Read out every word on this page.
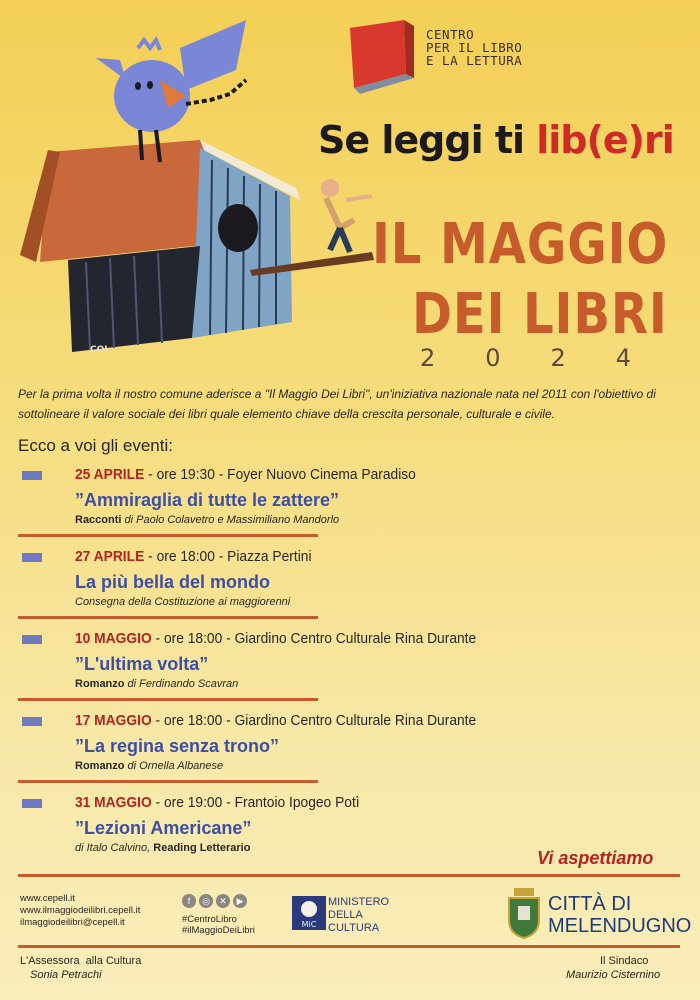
COI
CENTRO
PER IL LIBRO
E LA LETTURA
Se leggi ti lib(e)ri
IL MAGGIO
DEI LIBRI
2024
Per la prima volta il nostro comune aderisce a "Il Maggio Dei Libri", un'iniziativa nazionale nata nel 2011 con l'obiettivo di sottolineare il valore sociale dei libri quale elemento chiave della crescita personale, culturale e civile.
Ecco a voi gli eventi:
25 APRILE - ore 19:30 - Foyer Nuovo Cinema Paradiso
”Ammiraglia di tutte le zattere”
Racconti di Paolo Colavetro e Massimiliano Mandorlo
27 APRILE - ore 18:00 - Piazza Pertini
La più bella del mondo
Consegna della Costituzione ai maggiorenni
10 MAGGIO - ore 18:00 - Giardino Centro Culturale Rina Durante
”L'ultima volta”
Romanzo di Ferdinando Scavran
17 MAGGIO - ore 18:00 - Giardino Centro Culturale Rina Durante
”La regina senza trono”
Romanzo di Ornella Albanese
31 MAGGIO - ore 19:00 - Frantoio Ipogeo Potì
”Lezioni Americane”
di Italo Calvino, Reading Letterario	Vi aspettiamo
www.cepell.it
www.ilmaggiodeilibri.cepell.it
ilmaggiodeilibri@cepell.it
f ◎ ✕ ▶
#CentroLibro
#ilMaggioDeiLibri
MiC
MINISTERO
DELLA
CULTURA
CITTÀ DI
MELENDUGNO
L'Assessora  alla Cultura
Sonia Petrachi
Il Sindaco
Maurizio Cisternino
